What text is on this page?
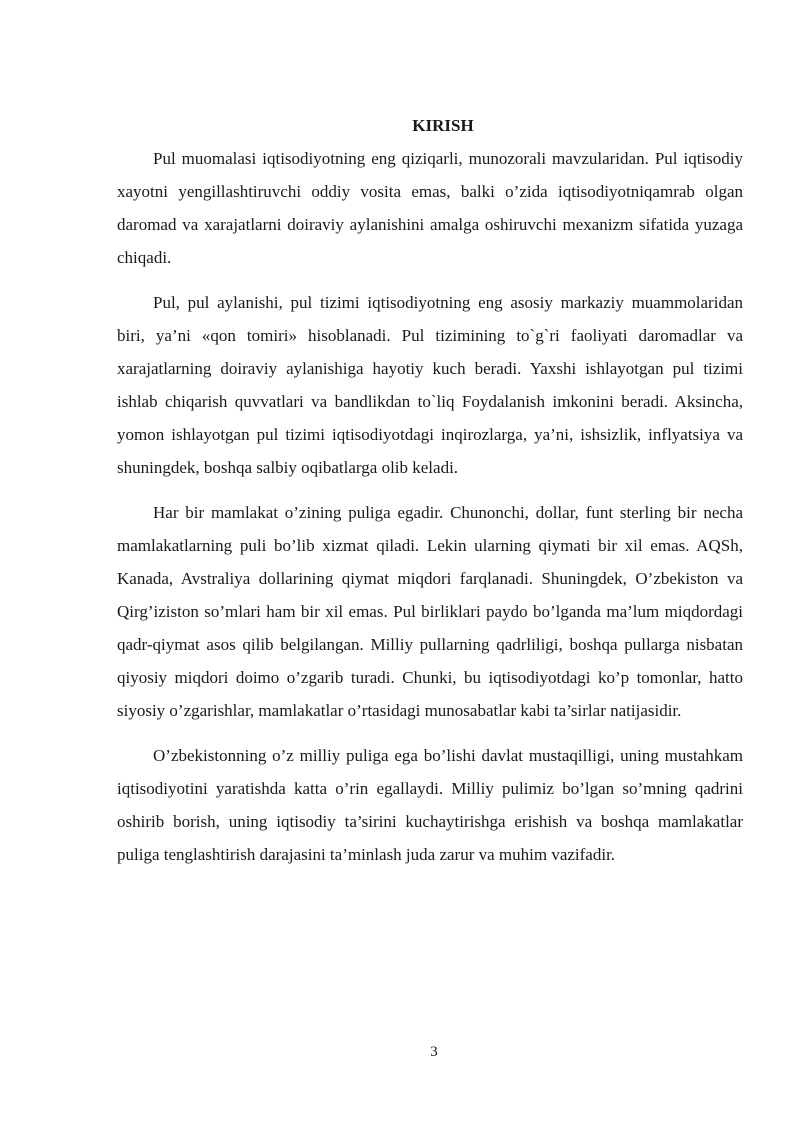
KIRISH

Pul muomalasi iqtisodiyotning eng qiziqarli, munozorali mavzularidan. Pul iqtisodiy xayotni yengillashtiruvchi oddiy vosita emas, balki o’zida iqtisodiyotniqamrab olgan daromad va xarajatlarni doiraviy aylanishini amalga oshiruvchi mexanizm sifatida yuzaga chiqadi.

Pul, pul aylanishi, pul tizimi iqtisodiyotning eng asosiy markaziy muammolaridan biri, ya’ni «qon tomiri» hisoblanadi. Pul tizimining to`g`ri faoliyati daromadlar va xarajatlarning doiraviy aylanishiga hayotiy kuch beradi. Yaxshi ishlayotgan pul tizimi ishlab chiqarish quvvatlari va bandlikdan to`liq Foydalanish imkonini beradi. Aksincha, yomon ishlayotgan pul tizimi iqtisodiyotdagi inqirozlarga, ya’ni, ishsizlik, inflyatsiya va shuningdek, boshqa salbiy oqibatlarga olib keladi.

Har bir mamlakat o’zining puliga egadir. Chunonchi, dollar, funt sterling bir necha mamlakatlarning puli bo’lib xizmat qiladi. Lekin ularning qiymati bir xil emas. AQSh, Kanada, Avstraliya dollarining qiymat miqdori farqlanadi. Shuningdek, O’zbekiston va Qirg’iziston so’mlari ham bir xil emas. Pul birliklari paydo bo’lganda ma’lum miqdordagi qadr-qiymat asos qilib belgilangan. Milliy pullarning qadrliligi, boshqa pullarga nisbatan qiyosiy miqdori doimo o’zgarib turadi. Chunki, bu iqtisodiyotdagi ko’p tomonlar, hatto siyosiy o’zgarishlar, mamlakatlar o’rtasidagi munosabatlar kabi ta’sirlar natijasidir.

O’zbekistonning o’z milliy puliga ega bo’lishi davlat mustaqilligi, uning mustahkam iqtisodiyotini yaratishda katta o’rin egallaydi. Milliy pulimiz bo’lgan so’mning qadrini oshirib borish, uning iqtisodiy ta’sirini kuchaytirishga erishish va boshqa mamlakatlar puliga tenglashtirish darajasini ta’minlash juda zarur va muhim vazifadir.

3
